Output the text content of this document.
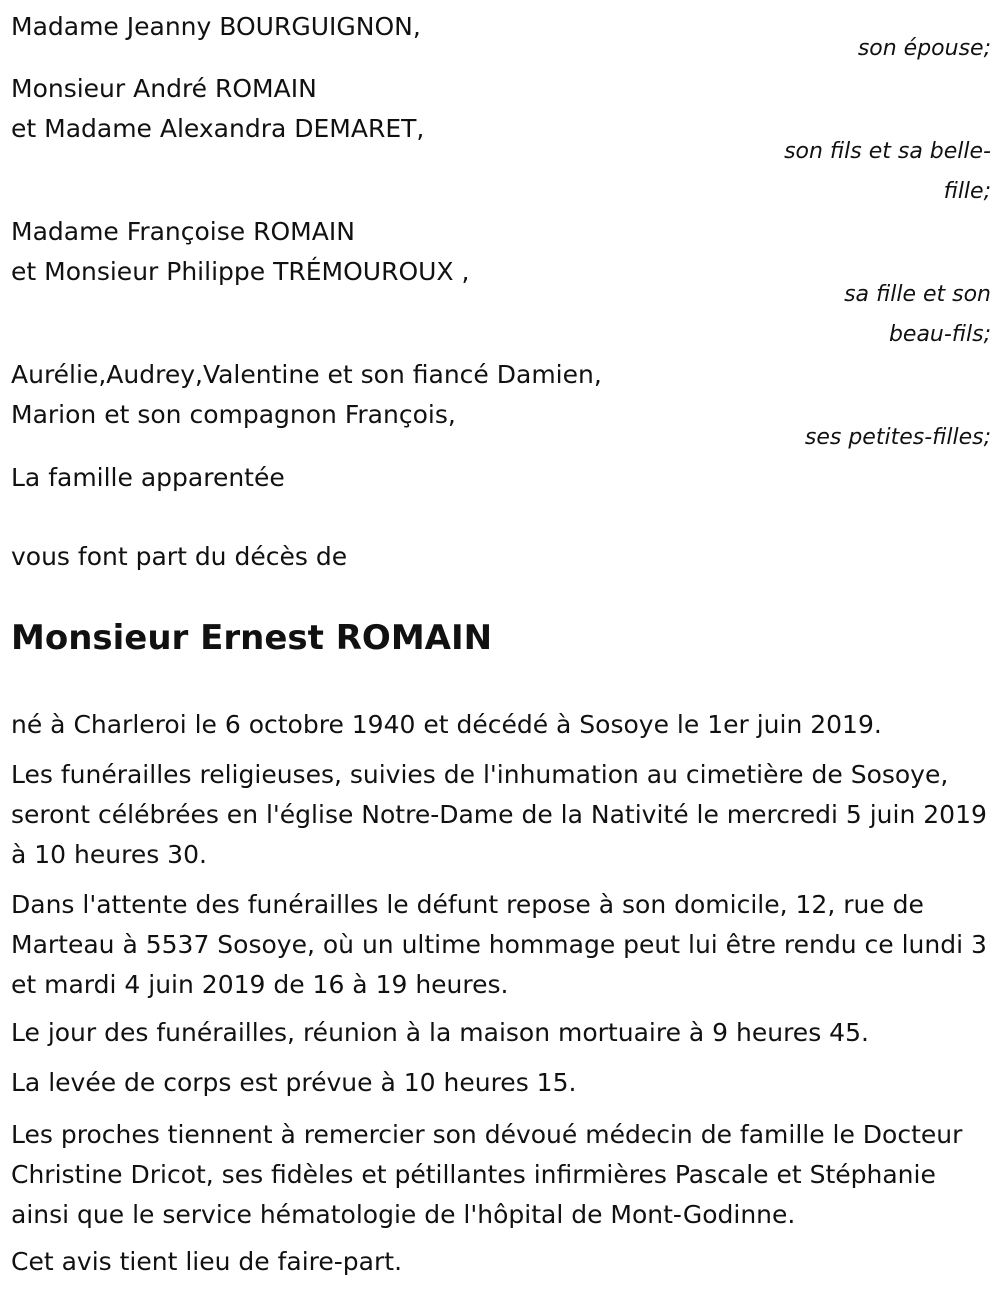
Madame Jeanny BOURGUIGNON,
son épouse;
Monsieur André ROMAIN
et Madame Alexandra DEMARET,
son fils et sa belle-
fille;
Madame Françoise ROMAIN
et Monsieur Philippe TRÉMOUROUX ,
sa fille et son
beau-fils;
Aurélie,Audrey,Valentine et son fiancé Damien,
Marion et son compagnon François,
ses petites-filles;
La famille apparentée
vous font part du décès de
Monsieur Ernest ROMAIN
né à Charleroi le 6 octobre 1940 et décédé à Sosoye le 1er juin 2019.
Les funérailles religieuses, suivies de l'inhumation au cimetière de Sosoye, seront célébrées en l'église Notre-Dame de la Nativité le mercredi 5 juin 2019 à 10 heures 30.
Dans l'attente des funérailles le défunt repose à son domicile, 12, rue de Marteau à 5537 Sosoye, où un ultime hommage peut lui être rendu ce lundi 3 et mardi 4 juin 2019 de 16 à 19 heures.
Le jour des funérailles, réunion à la maison mortuaire à 9 heures 45.
La levée de corps est prévue à 10 heures 15.
Les proches tiennent à remercier son dévoué médecin de famille le Docteur Christine Dricot, ses fidèles et pétillantes infirmières Pascale et Stéphanie ainsi que le service hématologie de l'hôpital de Mont-Godinne.
Cet avis tient lieu de faire-part.
